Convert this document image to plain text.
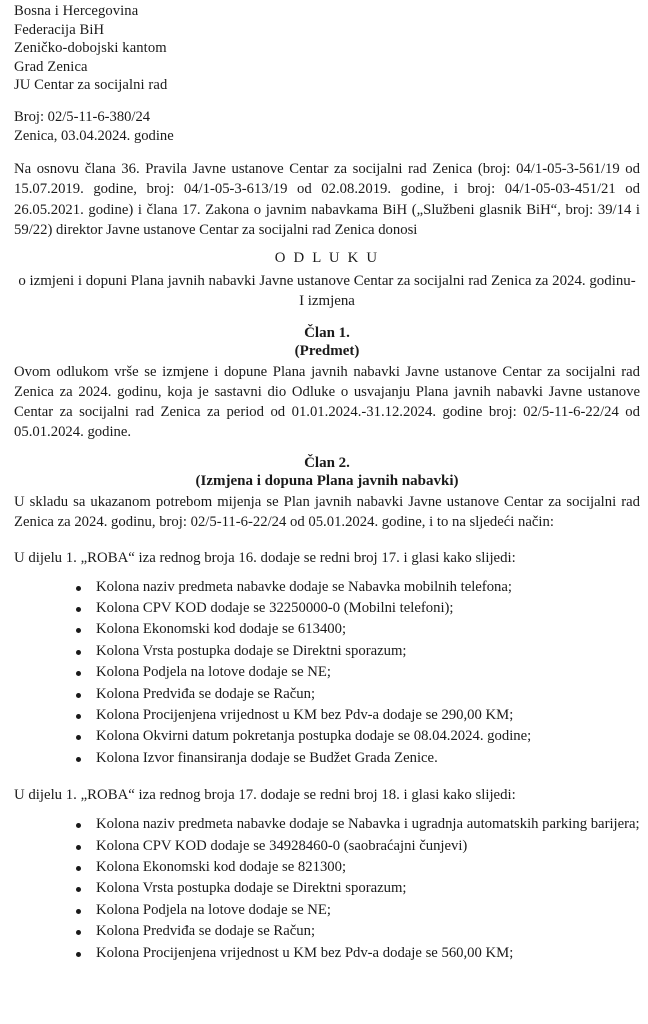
Bosna i Hercegovina
Federacija BiH
Zeničko-dobojski kantom
Grad Zenica
JU Centar za socijalni rad
Broj: 02/5-11-6-380/24
Zenica, 03.04.2024. godine
Na osnovu člana 36. Pravila Javne ustanove Centar za socijalni rad Zenica (broj: 04/1-05-3-561/19 od 15.07.2019. godine, broj: 04/1-05-3-613/19 od 02.08.2019. godine, i broj: 04/1-05-03-451/21 od 26.05.2021. godine) i člana 17. Zakona o javnim nabavkama BiH („Službeni glasnik BiH“, broj: 39/14 i 59/22) direktor Javne ustanove Centar za socijalni rad Zenica donosi
O D L U K U
o izmjeni i dopuni Plana javnih nabavki Javne ustanove Centar za socijalni rad Zenica za 2024. godinu- I izmjena
Član 1.
(Predmet)
Ovom odlukom vrše se izmjene i dopune Plana javnih nabavki Javne ustanove Centar za socijalni rad Zenica za 2024. godinu, koja je sastavni dio Odluke o usvajanju Plana javnih nabavki Javne ustanove Centar za socijalni rad Zenica za period od 01.01.2024.-31.12.2024. godine broj: 02/5-11-6-22/24 od 05.01.2024. godine.
Član 2.
(Izmjena i dopuna Plana javnih nabavki)
U skladu sa ukazanom potrebom mijenja se Plan javnih nabavki Javne ustanove Centar za socijalni rad Zenica za 2024. godinu, broj: 02/5-11-6-22/24 od 05.01.2024. godine, i to na sljedeći način:
U dijelu 1. „ROBA“ iza rednog broja 16. dodaje se redni broj 17. i glasi kako slijedi:
Kolona naziv predmeta nabavke dodaje se Nabavka mobilnih telefona;
Kolona CPV KOD dodaje se 32250000-0 (Mobilni telefoni);
Kolona Ekonomski kod dodaje se 613400;
Kolona Vrsta postupka dodaje se Direktni sporazum;
Kolona Podjela na lotove dodaje se NE;
Kolona Predviđa se dodaje se Račun;
Kolona Procijenjena vrijednost u KM bez Pdv-a dodaje se 290,00 KM;
Kolona Okvirni datum pokretanja postupka dodaje se 08.04.2024. godine;
Kolona Izvor finansiranja dodaje se Budžet Grada Zenice.
U dijelu 1. „ROBA“ iza rednog broja 17. dodaje se redni broj 18. i glasi kako slijedi:
Kolona naziv predmeta nabavke dodaje se Nabavka i ugradnja automatskih parking barijera;
Kolona CPV KOD dodaje se 34928460-0 (saobraćajni čunjevi)
Kolona Ekonomski kod dodaje se 821300;
Kolona Vrsta postupka dodaje se Direktni sporazum;
Kolona Podjela na lotove dodaje se NE;
Kolona Predviđa se dodaje se Račun;
Kolona Procijenjena vrijednost u KM bez Pdv-a dodaje se 560,00 KM;
